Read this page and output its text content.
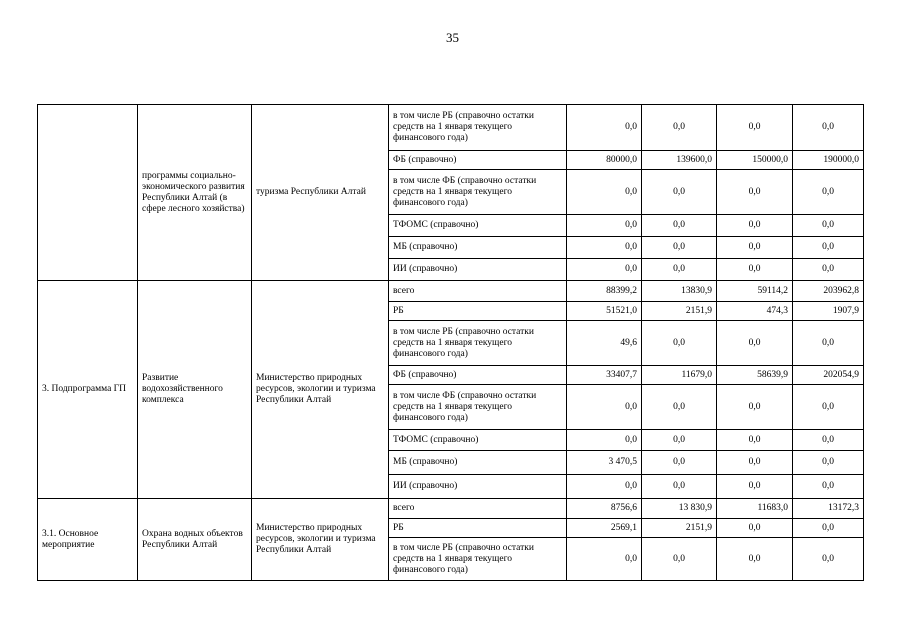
35
	программы социально-экономического развития Республики Алтай (в сфере лесного хозяйства)	туризма Республики Алтай	в том числе РБ (справочно остатки средств на 1 января текущего финансового года)	0,0	0,0	0,0	0,0
			ФБ (справочно)	80000,0	139600,0	150000,0	190000,0
			в том числе ФБ (справочно остатки средств на 1 января текущего финансового года)	0,0	0,0	0,0	0,0
			ТФОМС (справочно)	0,0	0,0	0,0	0,0
			МБ (справочно)	0,0	0,0	0,0	0,0
			ИИ (справочно)	0,0	0,0	0,0	0,0
3. Подпрограмма ГП	Развитие водохозяйственного комплекса	Министерство природных ресурсов, экологии и туризма Республики Алтай	всего	88399,2	13830,9	59114,2	203962,8
			РБ	51521,0	2151,9	474,3	1907,9
			в том числе РБ (справочно остатки средств на 1 января текущего финансового года)	49,6	0,0	0,0	0,0
			ФБ (справочно)	33407,7	11679,0	58639,9	202054,9
			в том числе ФБ (справочно остатки средств на 1 января текущего финансового года)	0,0	0,0	0,0	0,0
			ТФОМС (справочно)	0,0	0,0	0,0	0,0
			МБ (справочно)	3 470,5	0,0	0,0	0,0
			ИИ (справочно)	0,0	0,0	0,0	0,0
3.1. Основное мероприятие	Охрана водных объектов Республики Алтай	Министерство природных ресурсов, экологии и туризма Республики Алтай	всего	8756,6	13 830,9	11683,0	13172,3
			РБ	2569,1	2151,9	0,0	0,0
			в том числе РБ (справочно остатки средств на 1 января текущего финансового года)	0,0	0,0	0,0	0,0
